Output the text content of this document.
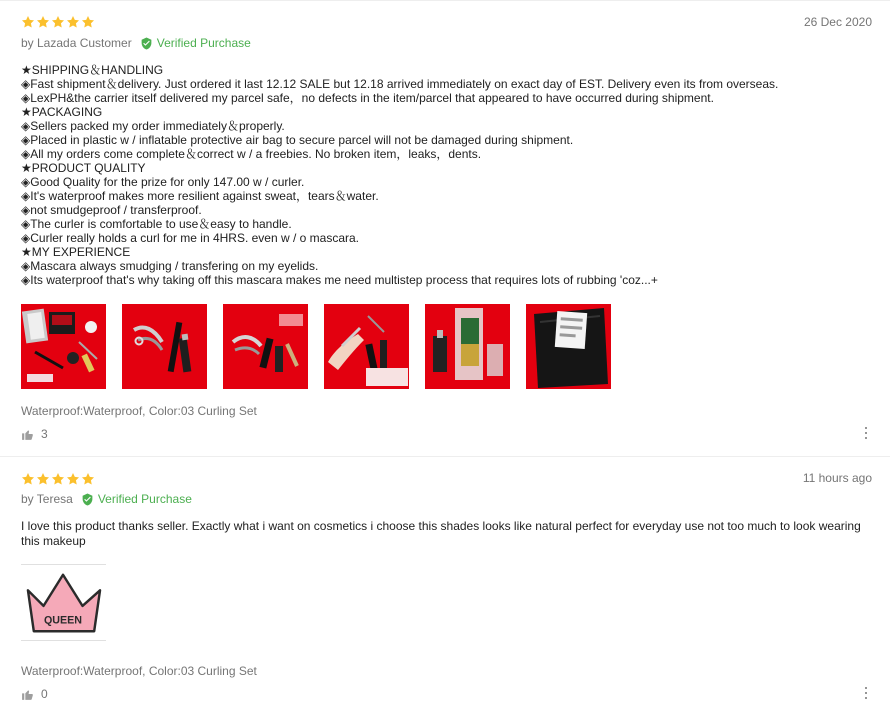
26 Dec 2020
by Lazada Customer Verified Purchase
★SHIPPING＆HANDLING
◈Fast shipment＆delivery. Just ordered it last 12.12 SALE but 12.18 arrived immediately on exact day of EST. Delivery even its from overseas.
◈LexPH&the carrier itself delivered my parcel safe，no defects in the item/parcel that appeared to have occurred during shipment.
★PACKAGING
◈Sellers packed my order immediately＆properly.
◈Placed in plastic w / inflatable protective air bag to secure parcel will not be damaged during shipment.
◈All my orders come complete＆correct w / a freebies. No broken item，leaks，dents.
★PRODUCT QUALITY
◈Good Quality for the prize for only 147.00 w / curler.
◈It's waterproof makes more resilient against sweat，tears＆water.
◈not smudgeproof / transferproof.
◈The curler is comfortable to use＆easy to handle.
◈Curler really holds a curl for me in 4HRS. even w / o mascara.
★MY EXPERIENCE
◈Mascara always smudging / transfering on my eyelids.
◈Its waterproof that's why taking off this mascara makes me need multistep process that requires lots of rubbing 'coz...+
Waterproof:Waterproof, Color:03 Curling Set
3
11 hours ago
by Teresa Verified Purchase
I love this product thanks seller. Exactly what i want on cosmetics i choose this shades looks like natural perfect for everyday use not too much to look wearing this makeup
QUEEN
Waterproof:Waterproof, Color:03 Curling Set
0
